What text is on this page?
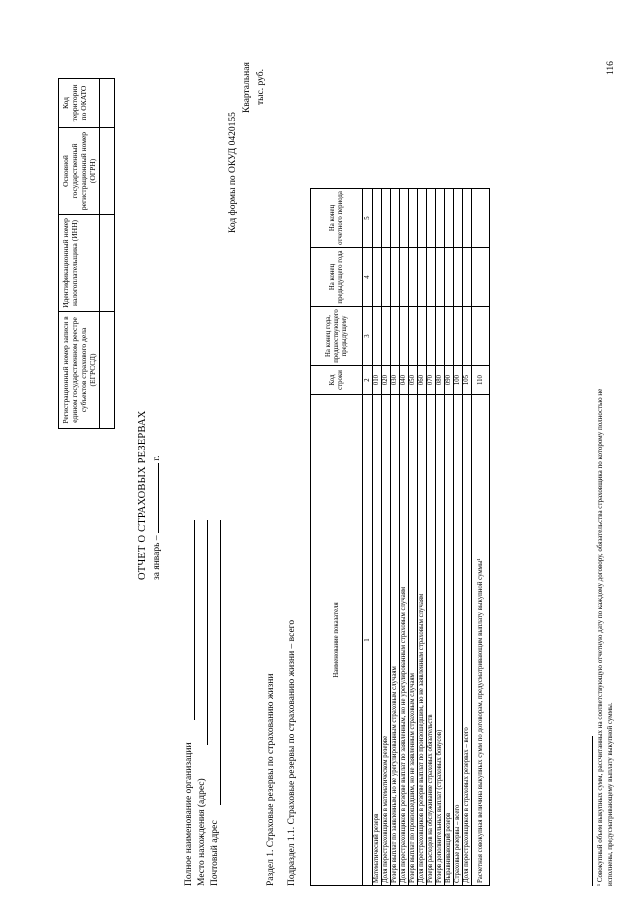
116
Регистрационный номер записи в едином государственном реестре субъектов страхового дела (ЕГРССД)	Идентификационный номер налогоплательщика (ИНН)	Основной государственный регистрационный номер (ОГРН)	Код территории по ОКАТО

ОТЧЕТ О СТРАХОВЫХ РЕЗЕРВАХ за январь –  г.
Код формы по ОКУД 0420155
Квартальная тыс. руб.
Полное наименование организации Место нахождения (адрес) Почтовый адрес	Раздел 1. Страховые резервы по страхованию жизни Подраздел 1.1. Страховые резервы по страхованию жизни – всего	Наименование показателя	Код строки	На конец года, предшествующего предыдущему	На конец предыдущего года	На конец отчетного периода
1	2	3	4	5
Математический резерв	010			
Доля перестраховщиков в математическом резерве	020			
Резерв выплат по заявленным, но не урегулированным страховым случаям	030			
Доля перестраховщиков в резерве выплат по заявленным, но не урегулированным страховым случаям	040			
Резерв выплат по произошедшим, но не заявленным страховым случаям	050			
Доля перестраховщиков в резерве выплат по произошедшим, но не заявленным страховым случаям	060			
Резерв расходов на обслуживание страховых обязательств	070			
Резерв дополнительных выплат (страховых бонусов)	080			
Выравнивающий резерв	090			
Страховые резервы – всего	100			
Доля перестраховщиков в страховых резервах – всего	105			
Расчетная совокупная величина выкупных сумм по договорам, предусматривающим выплату выкупной суммы¹	110			
¹ Совокупный объем выкупных сумм, рассчитанных на соответствующую отчетную дату по каждому договору, обязательства страховщика по которому полностью не исполнены, предусматривающему выплату выкупной суммы.
